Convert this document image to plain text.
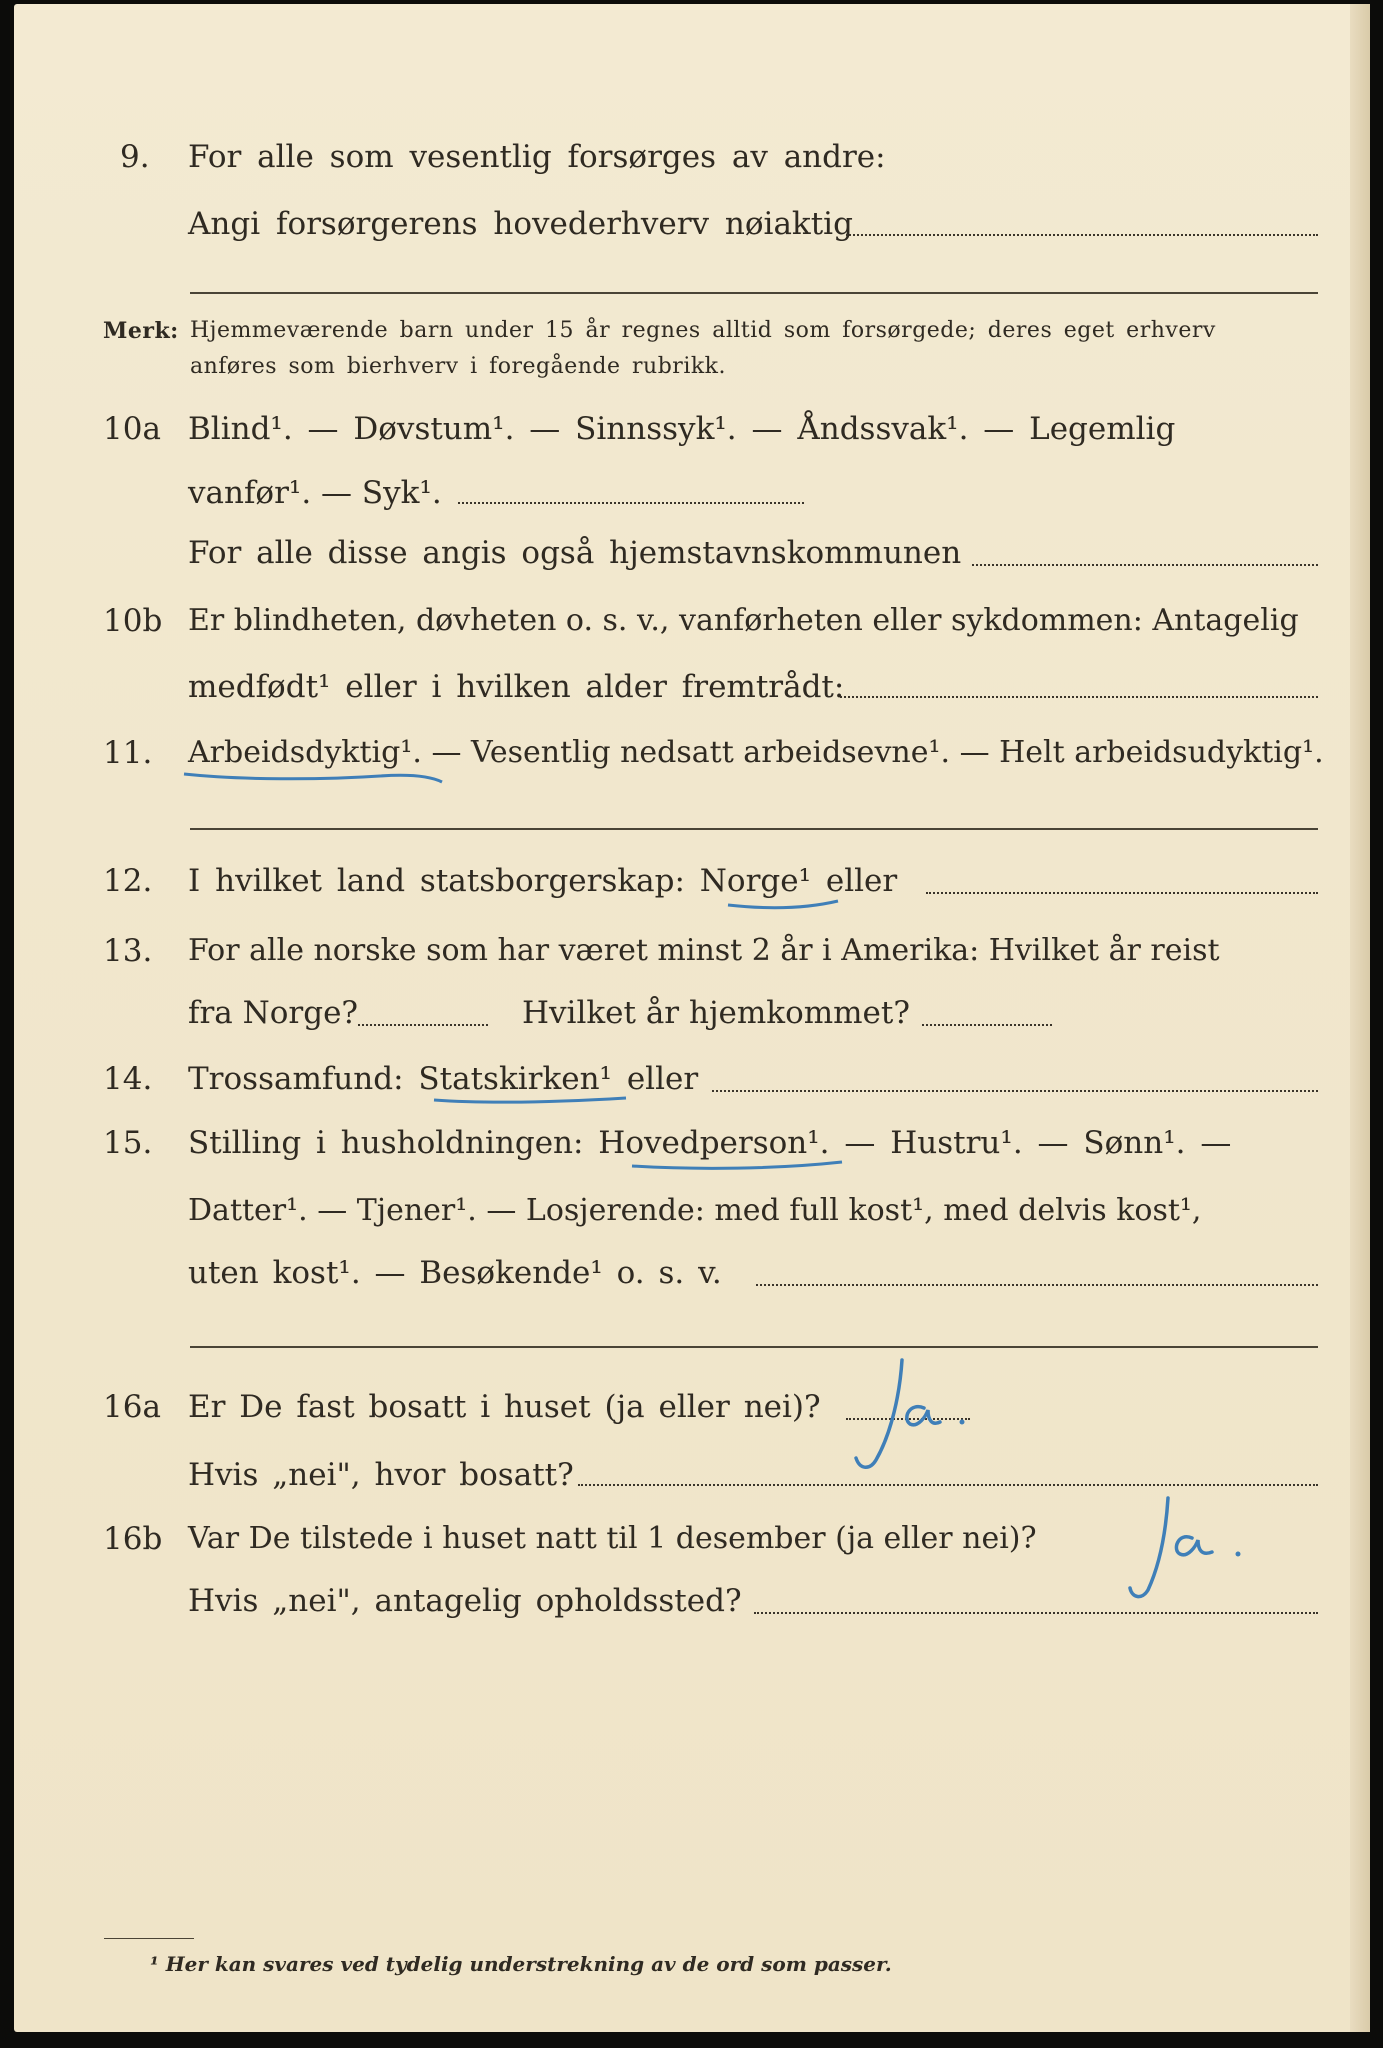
9. For alle som vesentlig forsørges av andre:
Angi forsørgerens hovederhverv nøiaktig
Merk: Hjemmeværende barn under 15 år regnes alltid som forsørgede; deres eget erhverv
anføres som bierhverv i foregående rubrikk.
10a Blind¹. — Døvstum¹. — Sinnssyk¹. — Åndssvak¹. — Legemlig
vanfør¹. — Syk¹.
For alle disse angis også hjemstavnskommunen
10b Er blindheten, døvheten o. s. v., vanførheten eller sykdommen: Antagelig
medfødt¹ eller i hvilken alder fremtrådt:
11. Arbeidsdyktig¹. — Vesentlig nedsatt arbeidsevne¹. — Helt arbeidsudyktig¹.
12. I hvilket land statsborgerskap: Norge¹ eller
13. For alle norske som har været minst 2 år i Amerika: Hvilket år reist
fra Norge?	Hvilket år hjemkommet?
14. Trossamfund: Statskirken¹ eller
15. Stilling i husholdningen: Hovedperson¹. — Hustru¹. — Sønn¹. —
Datter¹. — Tjener¹. — Losjerende: med full kost¹, med delvis kost¹,
uten kost¹. — Besøkende¹ o. s. v.
16a Er De fast bosatt i huset (ja eller nei)?
Hvis „nei", hvor bosatt?
16b Var De tilstede i huset natt til 1 desember (ja eller nei)?
Hvis „nei", antagelig opholdssted?
¹ Her kan svares ved tydelig understrekning av de ord som passer.
